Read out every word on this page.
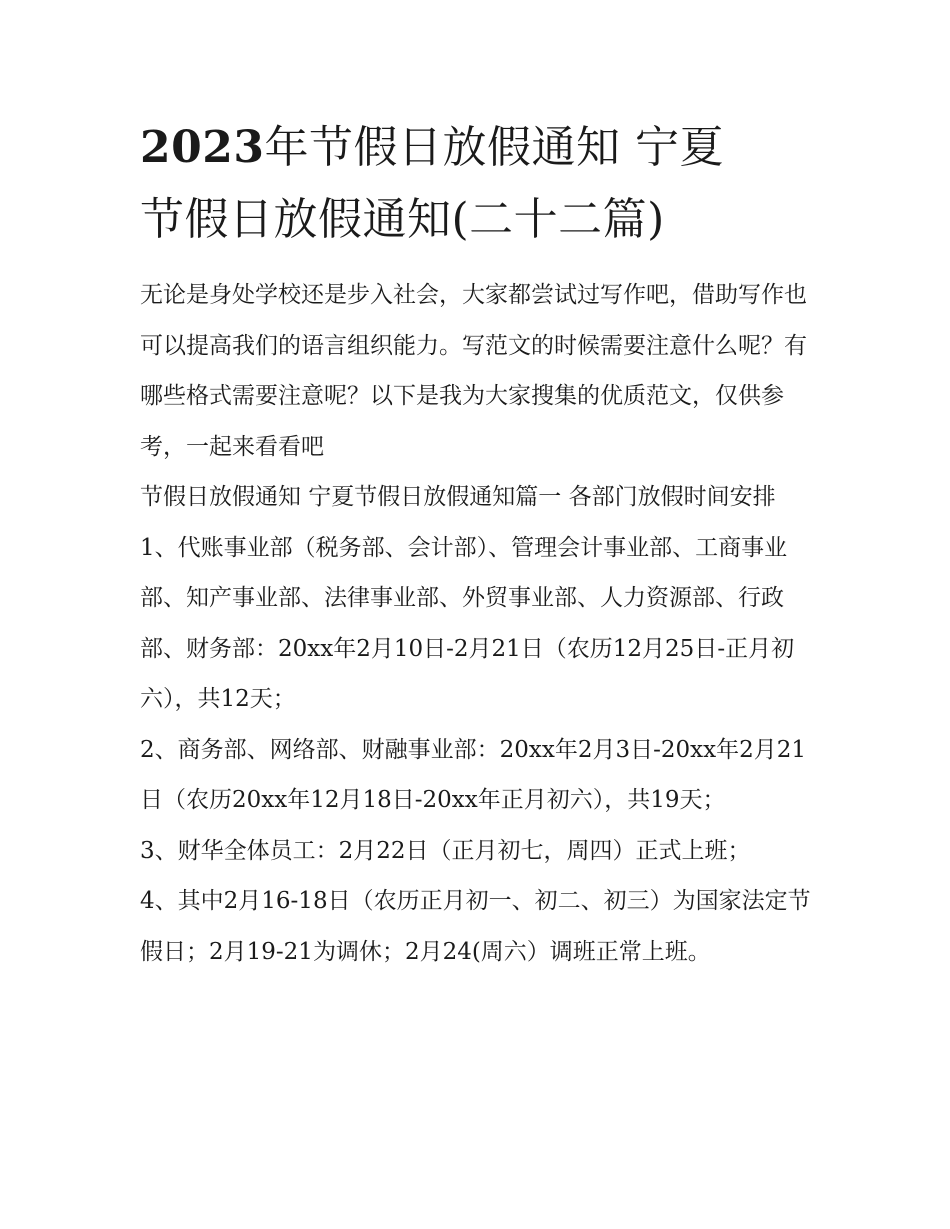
2023年节假日放假通知 宁夏
节假日放假通知(二十二篇)

无论是身处学校还是步入社会，大家都尝试过写作吧，借助写作也可以提高我们的语言组织能力。写范文的时候需要注意什么呢？有哪些格式需要注意呢？以下是我为大家搜集的优质范文，仅供参考，一起来看看吧

节假日放假通知 宁夏节假日放假通知篇一 各部门放假时间安排

1、代账事业部（税务部、会计部）、管理会计事业部、工商事业部、知产事业部、法律事业部、外贸事业部、人力资源部、行政部、财务部：20xx年2月10日-2月21日（农历12月25日-正月初六），共12天；

2、商务部、网络部、财融事业部：20xx年2月3日-20xx年2月21日（农历20xx年12月18日-20xx年正月初六），共19天；

3、财华全体员工：2月22日（正月初七，周四）正式上班；

4、其中2月16-18日（农历正月初一、初二、初三）为国家法定节假日；2月19-21为调休；2月24(周六）调班正常上班。
